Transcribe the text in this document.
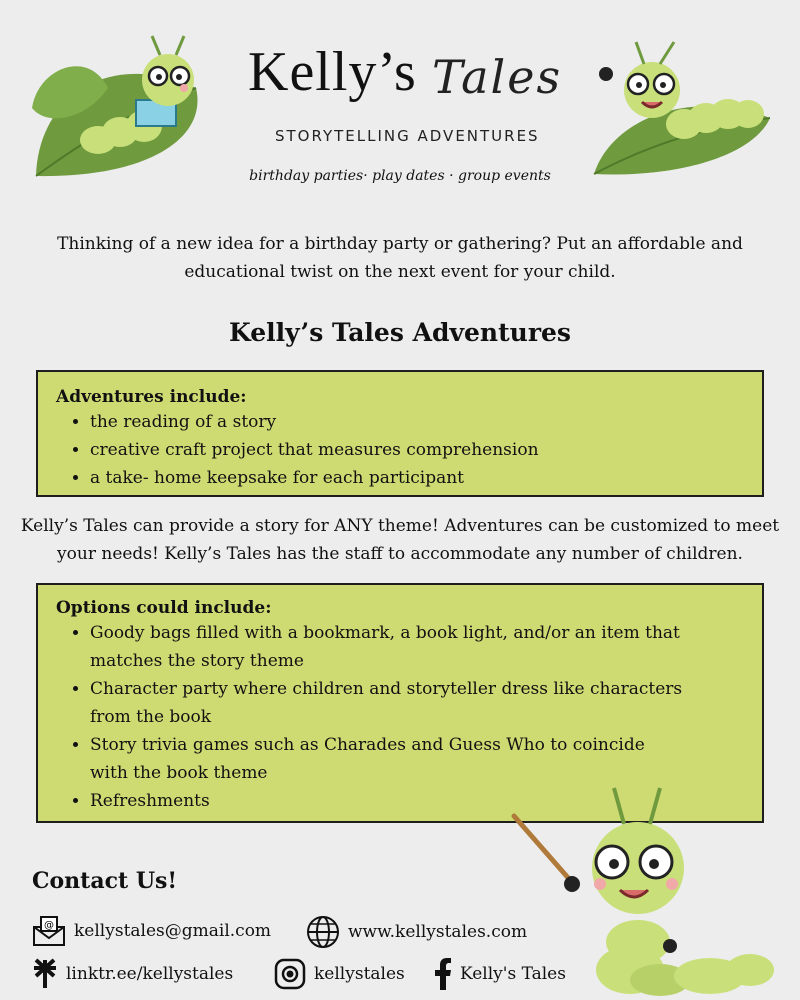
Kelly’s Tales
STORYTELLING ADVENTURES
birthday parties· play dates · group events
Thinking of a new idea for a birthday party or gathering? Put an affordable and educational twist on the next event for your child.
Kelly’s Tales Adventures
Adventures include:
• the reading of a story
• creative craft project that measures comprehension
• a take- home keepsake for each participant
Kelly’s Tales can provide a story for ANY theme! Adventures can be customized to meet your needs! Kelly’s Tales has the staff to accommodate any number of children.
Options could include:
• Goody bags filled with a bookmark, a book light, and/or an item that matches the story theme
• Character party where children and storyteller dress like characters from the book
• Story trivia games such as Charades and Guess Who to coincide with the book theme
• Refreshments
Contact Us!
@ kellystales@gmail.com	www.kellystales.com
linktr.ee/kellystales	kellystales	Kelly's Tales
